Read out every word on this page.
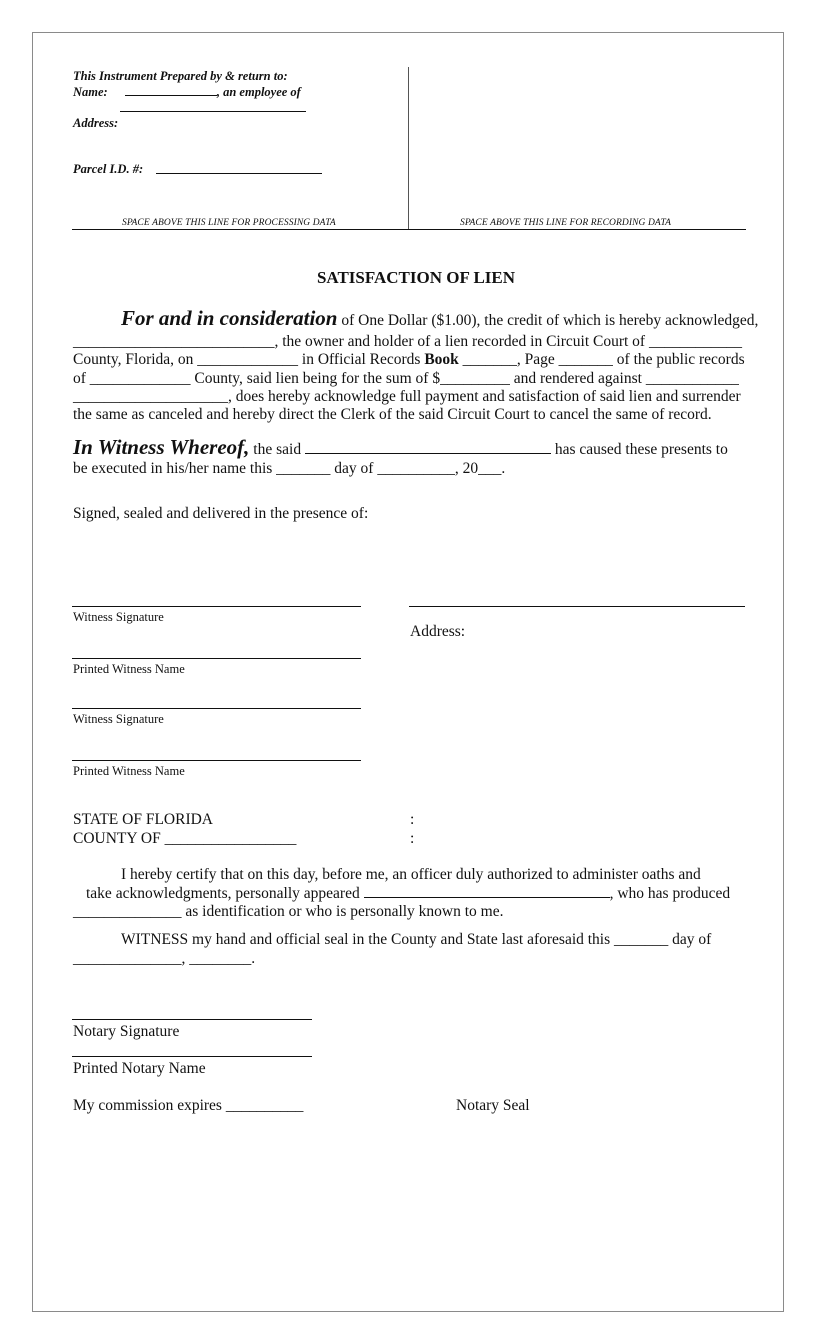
This Instrument Prepared by & return to:
Name:	, an employee of
Address:
Parcel I.D. #:
SPACE ABOVE THIS LINE FOR PROCESSING DATA	SPACE ABOVE THIS LINE FOR RECORDING DATA
SATISFACTION OF LIEN
For and in consideration of One Dollar ($1.00), the credit of which is hereby acknowledged,
__________________________, the owner and holder of a lien recorded in Circuit Court of ____________
County, Florida, on _____________ in Official Records Book _______, Page _______ of the public records
of _____________ County, said lien being for the sum of $_________ and rendered against ____________
____________________, does hereby acknowledge full payment and satisfaction of said lien and surrender
the same as canceled and hereby direct the Clerk of the said Circuit Court to cancel the same of record.
In Witness Whereof, the said	has caused these presents to
be executed in his/her name this _______ day of __________, 20___.
Signed, sealed and delivered in the presence of:
Witness Signature
Address:
Printed Witness Name
Witness Signature
Printed Witness Name
STATE OF FLORIDA	:
COUNTY OF _________________	:
I hereby certify that on this day, before me, an officer duly authorized to administer oaths and
take acknowledgments, personally appeared	, who has produced
______________ as identification or who is personally known to me.
WITNESS my hand and official seal in the County and State last aforesaid this _______ day of
______________, ________.
Notary Signature
Printed Notary Name
My commission expires __________	Notary Seal
